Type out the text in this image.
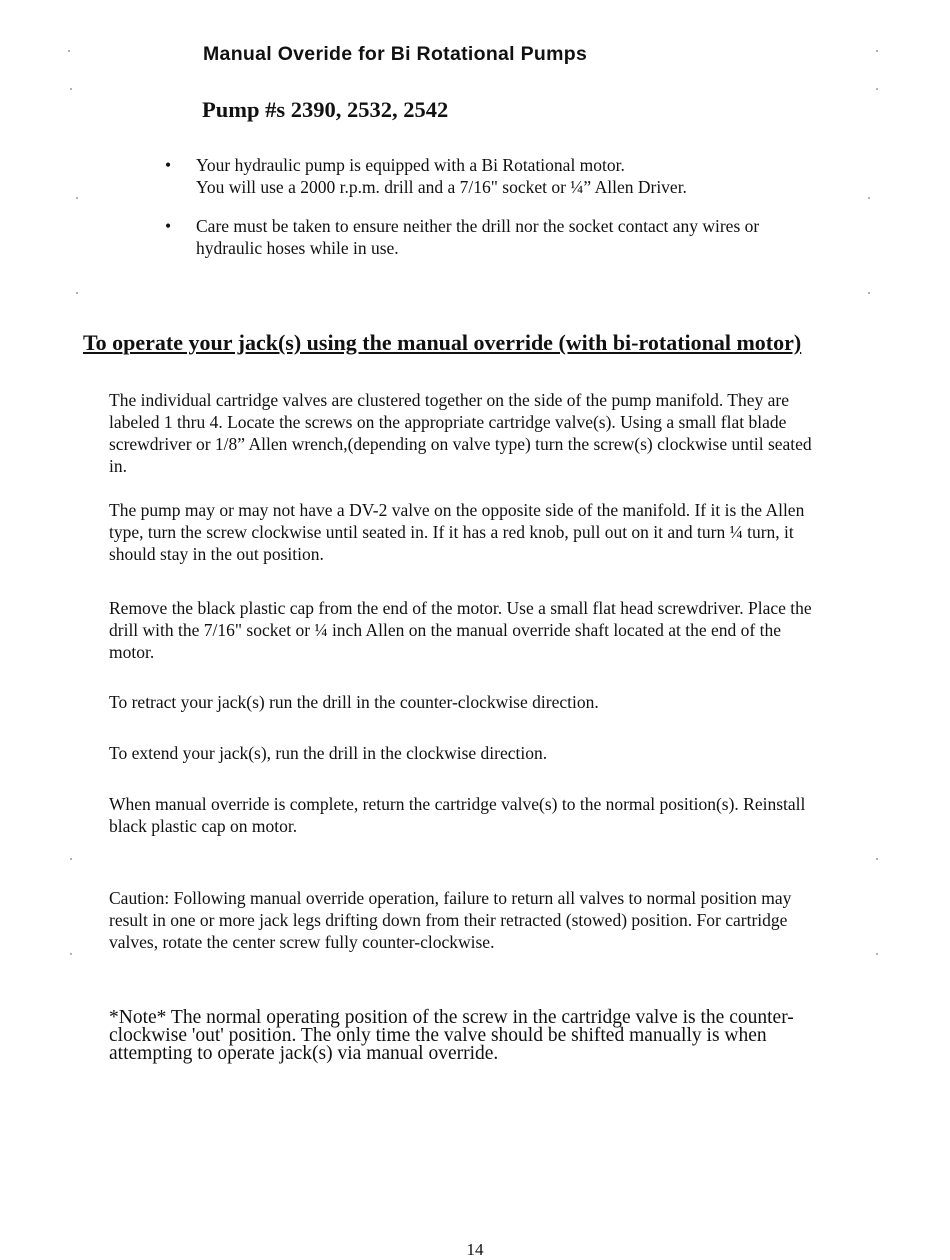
Manual Overide for Bi Rotational Pumps
Pump #s 2390, 2532, 2542
• Your hydraulic pump is equipped with a Bi Rotational motor.
You will use a 2000 r.p.m. drill and a 7/16" socket or ¼” Allen Driver.
• Care must be taken to ensure neither the drill nor the socket contact any wires or
hydraulic hoses while in use.
To operate your jack(s) using the manual override (with bi-rotational motor)

The individual cartridge valves are clustered together on the side of the pump manifold. They are
labeled 1 thru 4. Locate the screws on the appropriate cartridge valve(s). Using a small flat blade
screwdriver or 1/8” Allen wrench,(depending on valve type) turn the screw(s) clockwise until seated
in.

The pump may or may not have a DV-2 valve on the opposite side of the manifold. If it is the Allen
type, turn the screw clockwise until seated in. If it has a red knob, pull out on it and turn ¼ turn, it
should stay in the out position.

Remove the black plastic cap from the end of the motor. Use a small flat head screwdriver. Place the
drill with the 7/16" socket or ¼ inch Allen on the manual override shaft located at the end of the
motor.

To retract your jack(s) run the drill in the counter-clockwise direction.

To extend your jack(s), run the drill in the clockwise direction.

When manual override is complete, return the cartridge valve(s) to the normal position(s). Reinstall
black plastic cap on motor.

Caution: Following manual override operation, failure to return all valves to normal position may
result in one or more jack legs drifting down from their retracted (stowed) position. For cartridge
valves, rotate the center screw fully counter-clockwise.

*Note* The normal operating position of the screw in the cartridge valve is the counter-
clockwise 'out' position. The only time the valve should be shifted manually is when
attempting to operate jack(s) via manual override.

14
